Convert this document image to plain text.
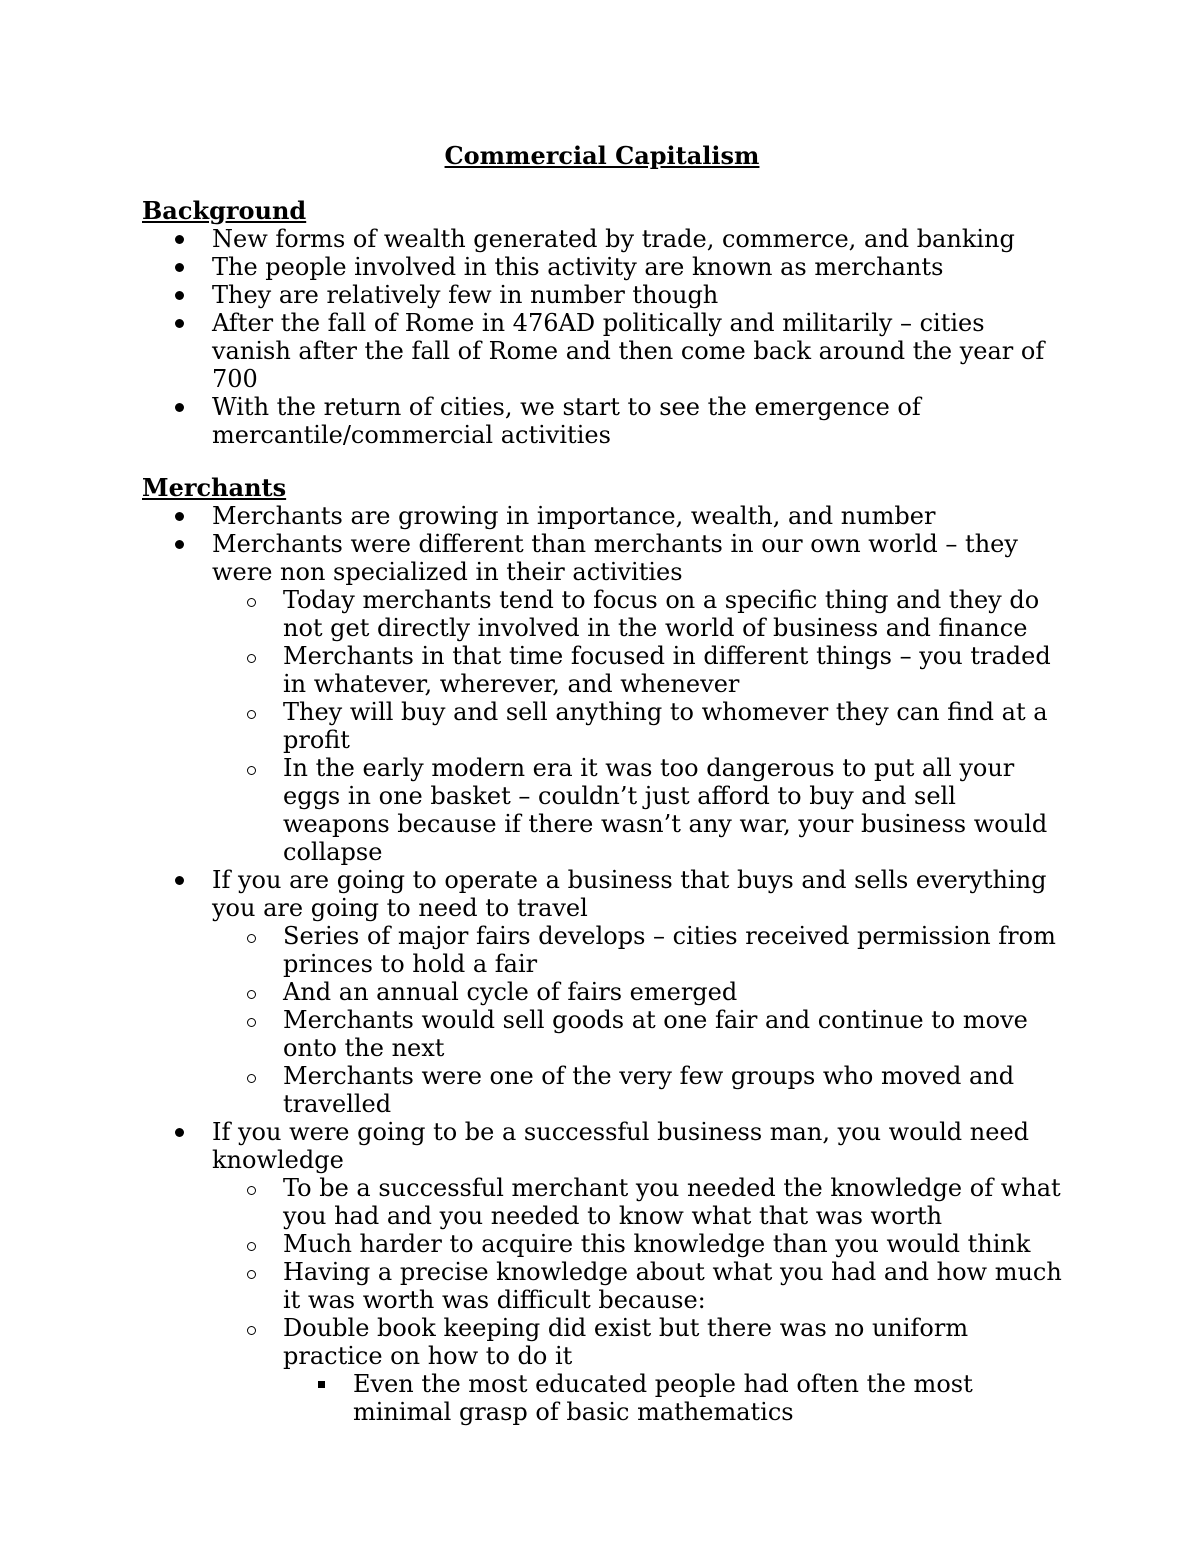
Commercial Capitalism
Background
New forms of wealth generated by trade, commerce, and banking
The people involved in this activity are known as merchants
They are relatively few in number though
After the fall of Rome in 476AD politically and militarily – cities vanish after the fall of Rome and then come back around the year of 700
With the return of cities, we start to see the emergence of mercantile/commercial activities
Merchants
Merchants are growing in importance, wealth, and number
Merchants were different than merchants in our own world – they were non specialized in their activities
Today merchants tend to focus on a specific thing and they do not get directly involved in the world of business and finance
Merchants in that time focused in different things – you traded in whatever, wherever, and whenever
They will buy and sell anything to whomever they can find at a profit
In the early modern era it was too dangerous to put all your eggs in one basket – couldn’t just afford to buy and sell weapons because if there wasn’t any war, your business would collapse
If you are going to operate a business that buys and sells everything you are going to need to travel
Series of major fairs develops – cities received permission from princes to hold a fair
And an annual cycle of fairs emerged
Merchants would sell goods at one fair and continue to move onto the next
Merchants were one of the very few groups who moved and travelled
If you were going to be a successful business man, you would need knowledge
To be a successful merchant you needed the knowledge of what you had and you needed to know what that was worth
Much harder to acquire this knowledge than you would think
Having a precise knowledge about what you had and how much it was worth was difficult because:
Double book keeping did exist but there was no uniform practice on how to do it
Even the most educated people had often the most minimal grasp of basic mathematics
